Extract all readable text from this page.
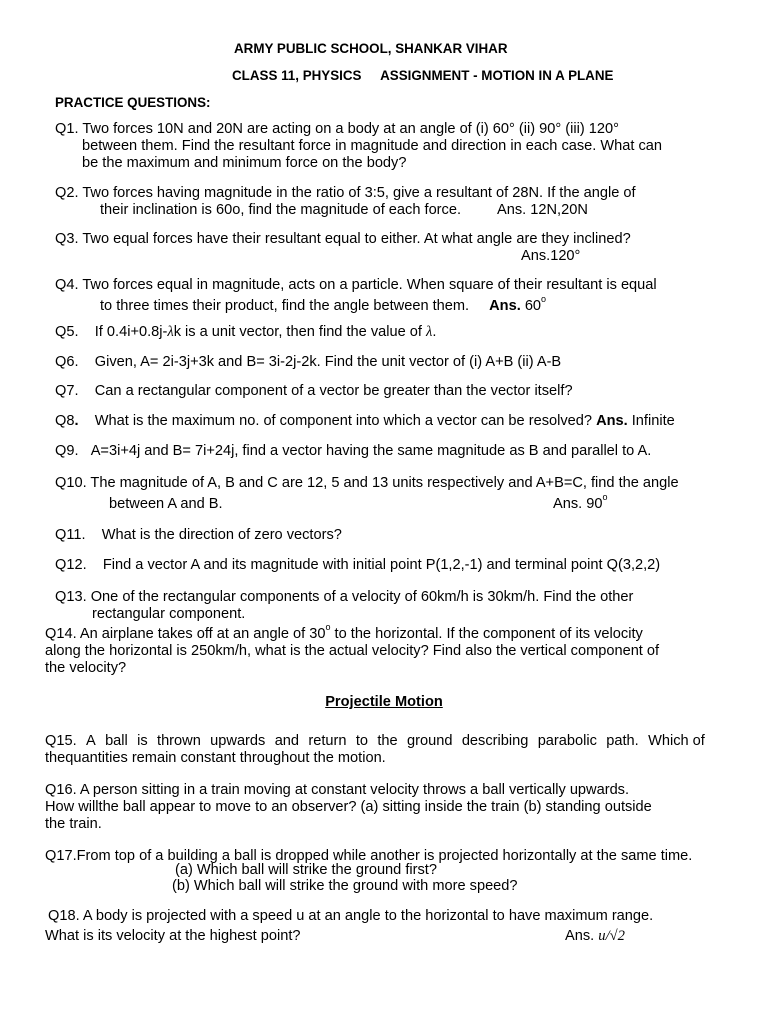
ARMY PUBLIC SCHOOL, SHANKAR VIHAR
CLASS 11, PHYSICS ASSIGNMENT - MOTION IN A PLANE
PRACTICE QUESTIONS:
Q1. Two forces 10N and 20N are acting on a body at an angle of (i) 60° (ii) 90° (iii) 120°
between them. Find the resultant force in magnitude and direction in each case. What can
be the maximum and minimum force on the body?
Q2. Two forces having magnitude in the ratio of 3:5, give a resultant of 28N. If the angle of
their inclination is 60o, find the magnitude of each force. Ans. 12N,20N
Q3. Two equal forces have their resultant equal to either. At what angle are they inclined?
Ans.120°
Q4. Two forces equal in magnitude, acts on a particle. When square of their resultant is equal
to three times their product, find the angle between them. Ans. 60$^o$
Q5. If 0.4i+0.8j-λk is a unit vector, then find the value of λ.
Q6. Given, A= 2i-3j+3k and B= 3i-2j-2k. Find the unit vector of (i) A+B (ii) A-B
Q7. Can a rectangular component of a vector be greater than the vector itself?
Q8. What is the maximum no. of component into which a vector can be resolved? Ans. Infinite
Q9. A=3i+4j and B= 7i+24j, find a vector having the same magnitude as B and parallel to A.
Q10. The magnitude of A, B and C are 12, 5 and 13 units respectively and A+B=C, find the angle
between A and B.	Ans. 90$^o$
Q11. What is the direction of zero vectors?
Q12. Find a vector A and its magnitude with initial point P(1,2,-1) and terminal point Q(3,2,2)
Q13. One of the rectangular components of a velocity of 60km/h is 30km/h. Find the other
rectangular component.
Q14. An airplane takes off at an angle of 30$^o$ to the horizontal. If the component of its velocity
along the horizontal is 250km/h, what is the actual velocity? Find also the vertical component of
the velocity?
Projectile Motion
Q15. A ball is thrown upwards and return to the ground describing parabolic path. Which of
thequantities remain constant throughout the motion.
Q16. A person sitting in a train moving at constant velocity throws a ball vertically upwards.
How willthe ball appear to move to an observer? (a) sitting inside the train (b) standing outside
the train.
Q17.From top of a building a ball is dropped while another is projected horizontally at the same time.
(a) Which ball will strike the ground first?
(b) Which ball will strike the ground with more speed?
Q18. A body is projected with a speed u at an angle to the horizontal to have maximum range.
What is its velocity at the highest point?	Ans. u/√2
